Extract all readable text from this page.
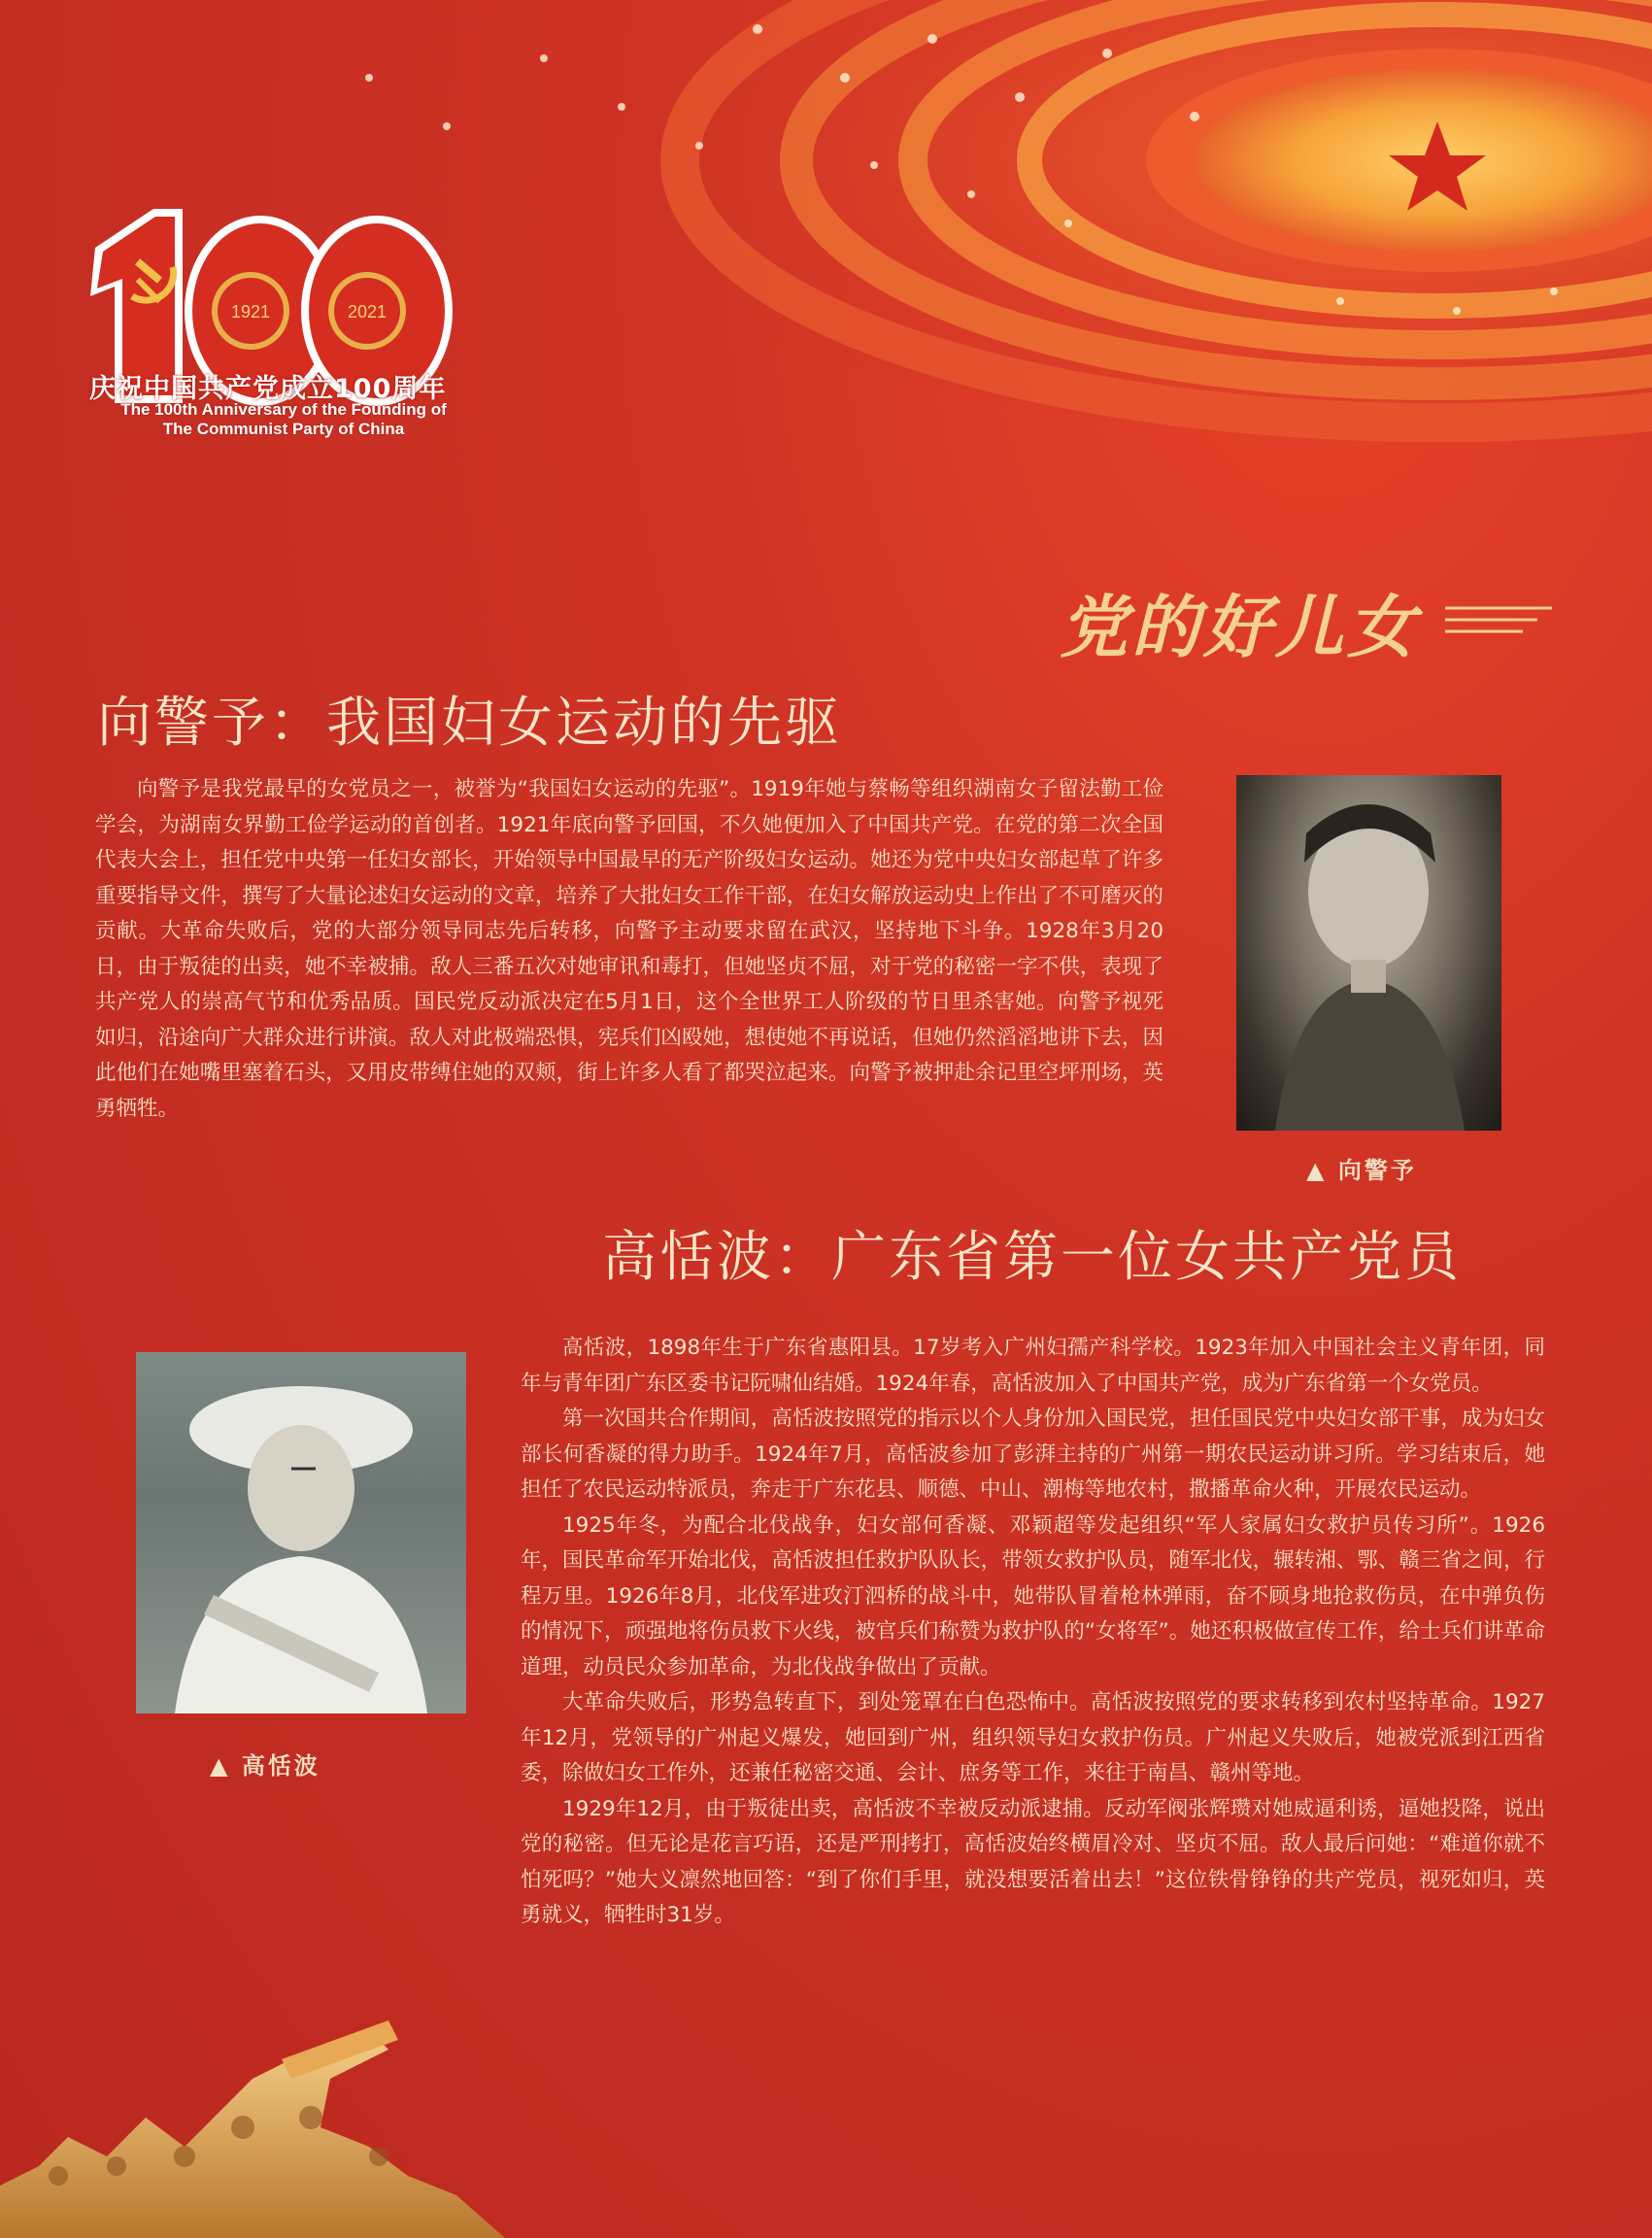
1921	2021
庆祝中国共产党成立100周年
The 100th Anniversary of the Founding of
The Communist Party of China
党的好儿女
向警予：我国妇女运动的先驱

向警予是我党最早的女党员之一，被誉为“我国妇女运动的先驱”。1919年她与蔡畅等组织湖南女子留法勤工俭学会，为湖南女界勤工俭学运动的首创者。1921年底向警予回国，不久她便加入了中国共产党。在党的第二次全国代表大会上，担任党中央第一任妇女部长，开始领导中国最早的无产阶级妇女运动。她还为党中央妇女部起草了许多重要指导文件，撰写了大量论述妇女运动的文章，培养了大批妇女工作干部，在妇女解放运动史上作出了不可磨灭的贡献。大革命失败后，党的大部分领导同志先后转移，向警予主动要求留在武汉，坚持地下斗争。1928年3月20日，由于叛徒的出卖，她不幸被捕。敌人三番五次对她审讯和毒打，但她坚贞不屈，对于党的秘密一字不供，表现了共产党人的崇高气节和优秀品质。国民党反动派决定在5月1日，这个全世界工人阶级的节日里杀害她。向警予视死如归，沿途向广大群众进行讲演。敌人对此极端恐惧，宪兵们凶殴她，想使她不再说话，但她仍然滔滔地讲下去，因此他们在她嘴里塞着石头，又用皮带缚住她的双颊，街上许多人看了都哭泣起来。向警予被押赴余记里空坪刑场，英勇牺牲。

▲ 向警予
高恬波：广东省第一位女共产党员
▲ 高恬波

高恬波，1898年生于广东省惠阳县。17岁考入广州妇孺产科学校。1923年加入中国社会主义青年团，同年与青年团广东区委书记阮啸仙结婚。1924年春，高恬波加入了中国共产党，成为广东省第一个女党员。

第一次国共合作期间，高恬波按照党的指示以个人身份加入国民党，担任国民党中央妇女部干事，成为妇女部长何香凝的得力助手。1924年7月，高恬波参加了彭湃主持的广州第一期农民运动讲习所。学习结束后，她担任了农民运动特派员，奔走于广东花县、顺德、中山、潮梅等地农村，撒播革命火种，开展农民运动。

1925年冬，为配合北伐战争，妇女部何香凝、邓颖超等发起组织“军人家属妇女救护员传习所”。1926年，国民革命军开始北伐，高恬波担任救护队队长，带领女救护队员，随军北伐，辗转湘、鄂、赣三省之间，行程万里。1926年8月，北伐军进攻汀泗桥的战斗中，她带队冒着枪林弹雨，奋不顾身地抢救伤员，在中弹负伤的情况下，顽强地将伤员救下火线，被官兵们称赞为救护队的“女将军”。她还积极做宣传工作，给士兵们讲革命道理，动员民众参加革命，为北伐战争做出了贡献。

大革命失败后，形势急转直下，到处笼罩在白色恐怖中。高恬波按照党的要求转移到农村坚持革命。1927年12月，党领导的广州起义爆发，她回到广州，组织领导妇女救护伤员。广州起义失败后，她被党派到江西省委，除做妇女工作外，还兼任秘密交通、会计、庶务等工作，来往于南昌、赣州等地。

1929年12月，由于叛徒出卖，高恬波不幸被反动派逮捕。反动军阀张辉瓒对她威逼利诱，逼她投降，说出党的秘密。但无论是花言巧语，还是严刑拷打，高恬波始终横眉冷对、坚贞不屈。敌人最后问她：“难道你就不怕死吗？”她大义凛然地回答：“到了你们手里，就没想要活着出去！”这位铁骨铮铮的共产党员，视死如归，英勇就义，牺牲时31岁。
